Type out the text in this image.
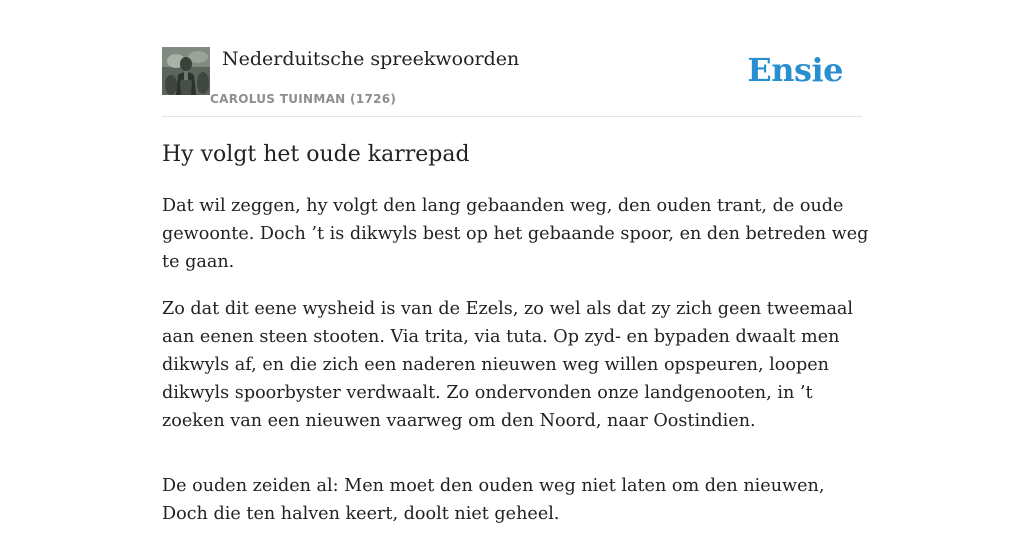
Nederduitsche spreekwoorden
CAROLUS TUINMAN (1726)
Ensie
Hy volgt het oude karrepad

Dat wil zeggen, hy volgt den lang gebaanden weg, den ouden trant, de oude gewoonte. Doch ’t is dikwyls best op het gebaande spoor, en den betreden weg te gaan.

Zo dat dit eene wysheid is van de Ezels, zo wel als dat zy zich geen tweemaal aan eenen steen stooten. Via trita, via tuta. Op zyd- en bypaden dwaalt men dikwyls af, en die zich een naderen nieuwen weg willen opspeuren, loopen dikwyls spoorbyster verdwaalt. Zo ondervonden onze landgenooten, in ’t zoeken van een nieuwen vaarweg om den Noord, naar Oostindien.

De ouden zeiden al: Men moet den ouden weg niet laten om den nieuwen, Doch die ten halven keert, doolt niet geheel.
